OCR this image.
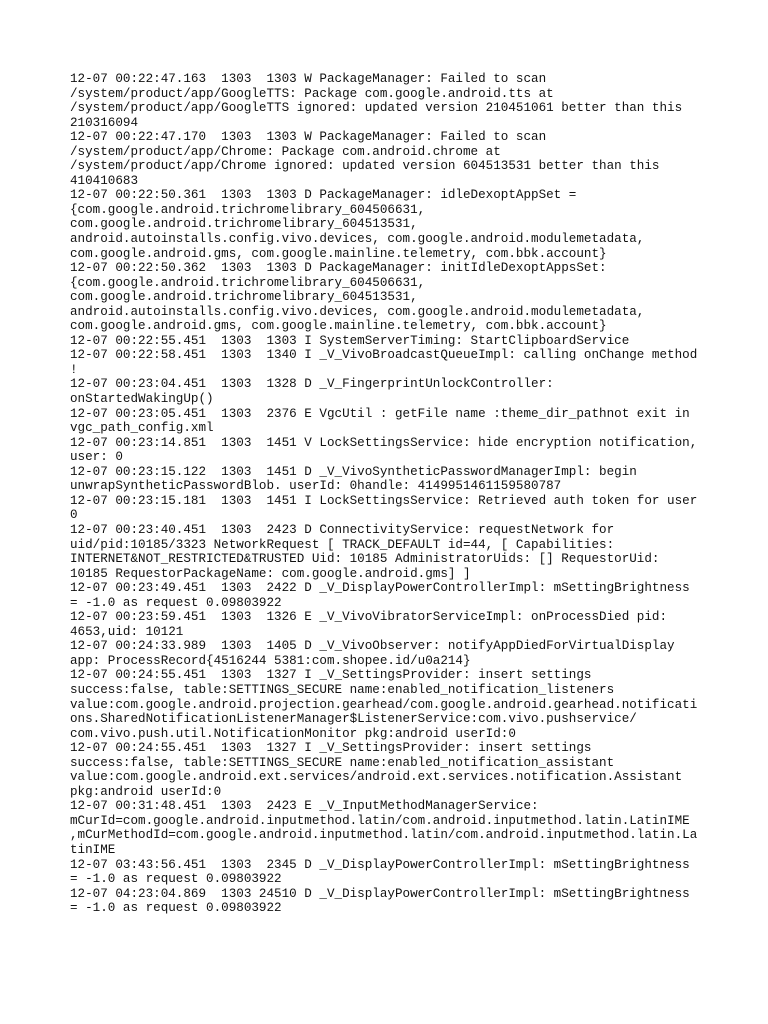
12-07 00:22:47.163  1303  1303 W PackageManager: Failed to scan
/system/product/app/GoogleTTS: Package com.google.android.tts at
/system/product/app/GoogleTTS ignored: updated version 210451061 better than this
210316094
12-07 00:22:47.170  1303  1303 W PackageManager: Failed to scan
/system/product/app/Chrome: Package com.android.chrome at
/system/product/app/Chrome ignored: updated version 604513531 better than this
410410683
12-07 00:22:50.361  1303  1303 D PackageManager: idleDexoptAppSet =
{com.google.android.trichromelibrary_604506631,
com.google.android.trichromelibrary_604513531,
android.autoinstalls.config.vivo.devices, com.google.android.modulemetadata,
com.google.android.gms, com.google.mainline.telemetry, com.bbk.account}
12-07 00:22:50.362  1303  1303 D PackageManager: initIdleDexoptAppsSet:
{com.google.android.trichromelibrary_604506631,
com.google.android.trichromelibrary_604513531,
android.autoinstalls.config.vivo.devices, com.google.android.modulemetadata,
com.google.android.gms, com.google.mainline.telemetry, com.bbk.account}
12-07 00:22:55.451  1303  1303 I SystemServerTiming: StartClipboardService
12-07 00:22:58.451  1303  1340 I _V_VivoBroadcastQueueImpl: calling onChange method
!
12-07 00:23:04.451  1303  1328 D _V_FingerprintUnlockController:
onStartedWakingUp()
12-07 00:23:05.451  1303  2376 E VgcUtil : getFile name :theme_dir_pathnot exit in
vgc_path_config.xml
12-07 00:23:14.851  1303  1451 V LockSettingsService: hide encryption notification,
user: 0
12-07 00:23:15.122  1303  1451 D _V_VivoSyntheticPasswordManagerImpl: begin
unwrapSyntheticPasswordBlob. userId: 0handle: 4149951461159580787
12-07 00:23:15.181  1303  1451 I LockSettingsService: Retrieved auth token for user
0
12-07 00:23:40.451  1303  2423 D ConnectivityService: requestNetwork for
uid/pid:10185/3323 NetworkRequest [ TRACK_DEFAULT id=44, [ Capabilities:
INTERNET&NOT_RESTRICTED&TRUSTED Uid: 10185 AdministratorUids: [] RequestorUid:
10185 RequestorPackageName: com.google.android.gms] ]
12-07 00:23:49.451  1303  2422 D _V_DisplayPowerControllerImpl: mSettingBrightness
= -1.0 as request 0.09803922
12-07 00:23:59.451  1303  1326 E _V_VivoVibratorServiceImpl: onProcessDied pid:
4653,uid: 10121
12-07 00:24:33.989  1303  1405 D _V_VivoObserver: notifyAppDiedForVirtualDisplay
app: ProcessRecord{4516244 5381:com.shopee.id/u0a214}
12-07 00:24:55.451  1303  1327 I _V_SettingsProvider: insert settings
success:false, table:SETTINGS_SECURE name:enabled_notification_listeners
value:com.google.android.projection.gearhead/com.google.android.gearhead.notificati
ons.SharedNotificationListenerManager$ListenerService:com.vivo.pushservice/
com.vivo.push.util.NotificationMonitor pkg:android userId:0
12-07 00:24:55.451  1303  1327 I _V_SettingsProvider: insert settings
success:false, table:SETTINGS_SECURE name:enabled_notification_assistant
value:com.google.android.ext.services/android.ext.services.notification.Assistant
pkg:android userId:0
12-07 00:31:48.451  1303  2423 E _V_InputMethodManagerService:
mCurId=com.google.android.inputmethod.latin/com.android.inputmethod.latin.LatinIME
,mCurMethodId=com.google.android.inputmethod.latin/com.android.inputmethod.latin.La
tinIME
12-07 03:43:56.451  1303  2345 D _V_DisplayPowerControllerImpl: mSettingBrightness
= -1.0 as request 0.09803922
12-07 04:23:04.869  1303 24510 D _V_DisplayPowerControllerImpl: mSettingBrightness
= -1.0 as request 0.09803922
